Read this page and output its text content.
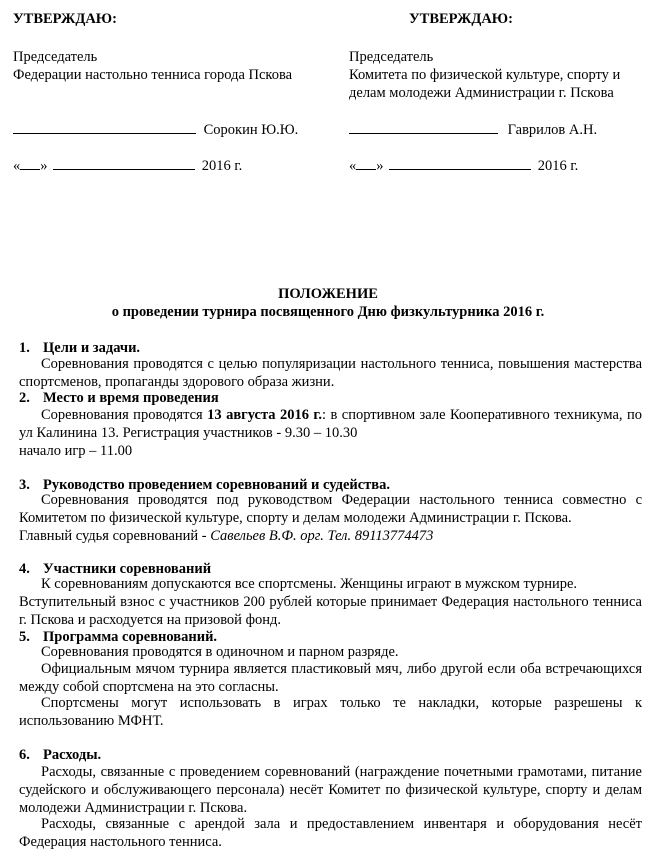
УТВЕРЖДАЮ:
Председатель
Федерации настольно тенниса города Пскова
Сорокин Ю.Ю.
« »	2016 г.
УТВЕРЖДАЮ:
Председатель
Комитета по физической культуре, спорту и
делам молодежи Администрации г. Пскова
Гаврилов А.Н.
« »	2016 г.
ПОЛОЖЕНИЕ
о проведении турнира посвященного Дню физкультурника 2016 г.
1. Цели и задачи.
Соревнования проводятся с целью популяризации настольного тенниса, повышения мастерства спортсменов, пропаганды здорового образа жизни.
2. Место и время проведения
Соревнования проводятся 13 августа 2016 г.: в спортивном зале Кооперативного техникума, по ул Калинина 13. Регистрация участников - 9.30 – 10.30
начало игр – 11.00
3. Руководство проведением соревнований и судейства.
Соревнования проводятся под руководством Федерации настольного тенниса совместно с Комитетом по физической культуре, спорту и делам молодежи Администрации г. Пскова.
Главный судья соревнований - Савельев В.Ф. орг. Тел. 89113774473
4. Участники соревнований
К соревнованиям допускаются все спортсмены. Женщины играют в мужском турнире.
Вступительный взнос с участников 200 рублей которые принимает Федерация настольного тенниса г. Пскова и расходуется на призовой фонд.
5. Программа соревнований.
Соревнования проводятся в одиночном и парном разряде.
Официальным мячом турнира является пластиковый мяч, либо другой если оба встречающихся между собой спортсмена на это согласны.
Спортсмены могут использовать в играх только те накладки, которые разрешены к использованию МФНТ.
6. Расходы.
Расходы, связанные с проведением соревнований (награждение почетными грамотами, питание судейского и обслуживающего персонала) несёт Комитет по физической культуре, спорту и делам молодежи Администрации г. Пскова.
Расходы, связанные с арендой зала и предоставлением инвентаря и оборудования несёт Федерация настольного тенниса.
